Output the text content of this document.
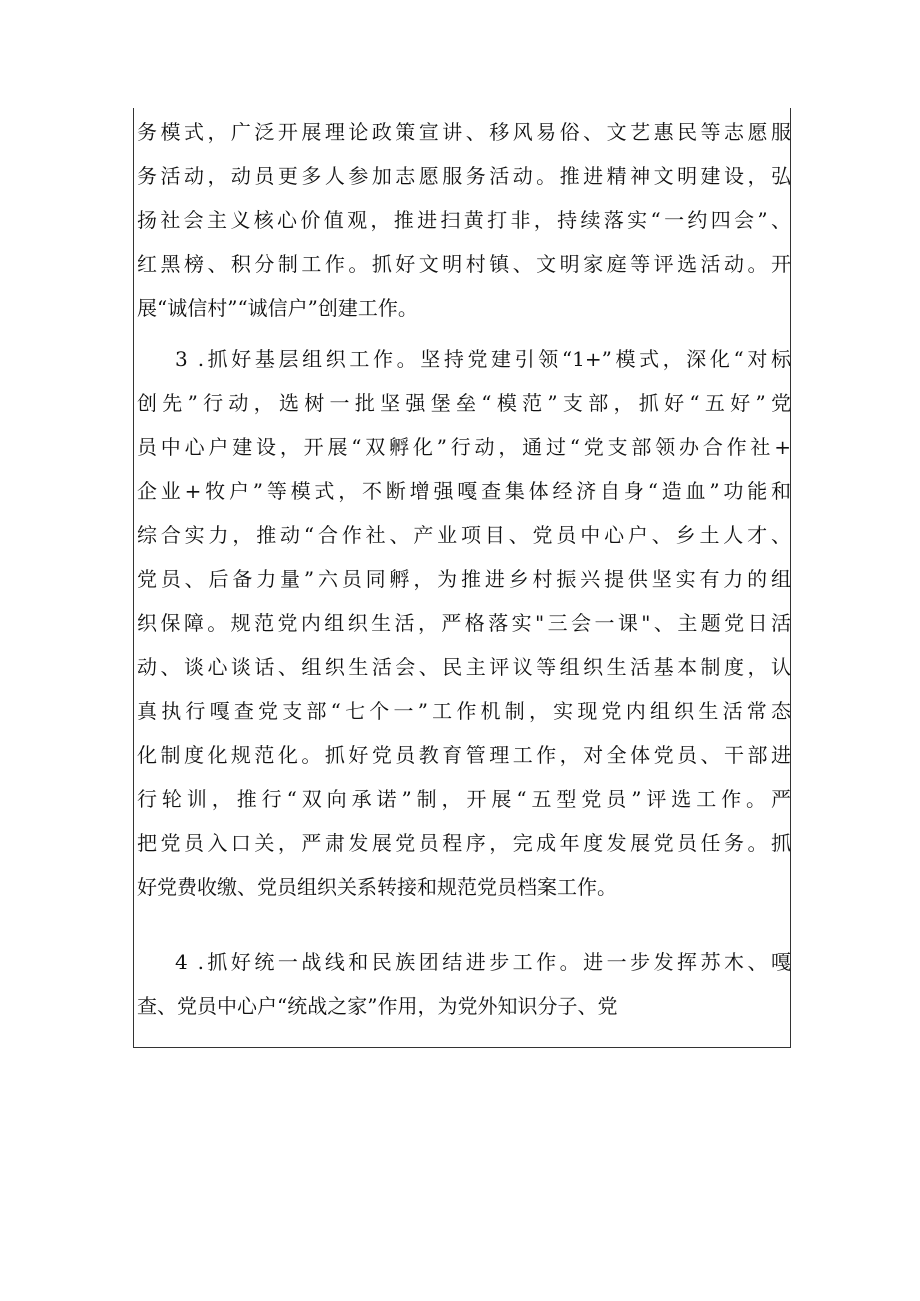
务模式，广泛开展理论政策宣讲、移风易俗、文艺惠民等志愿服
务活动，动员更多人参加志愿服务活动。推进精神文明建设，弘
扬社会主义核心价值观，推进扫黄打非，持续落实“一约四会”、
红黑榜、积分制工作。抓好文明村镇、文明家庭等评选活动。开
展“诚信村”“诚信户”创建工作。
3 .抓好基层组织工作。坚持党建引领“1+”模式，深化“对标
创先”行动，选树一批坚强堡垒“模范”支部，抓好“五好”党
员中心户建设，开展“双孵化”行动，通过“党支部领办合作社+
企业+牧户”等模式，不断增强嘎查集体经济自身“造血”功能和
综合实力，推动“合作社、产业项目、党员中心户、乡土人才、
党员、后备力量”六员同孵，为推进乡村振兴提供坚实有力的组
织保障。规范党内组织生活，严格落实"三会一课"、主题党日活
动、谈心谈话、组织生活会、民主评议等组织生活基本制度，认
真执行嘎查党支部“七个一”工作机制，实现党内组织生活常态
化制度化规范化。抓好党员教育管理工作，对全体党员、干部进
行轮训，推行“双向承诺”制，开展“五型党员”评选工作。严
把党员入口关，严肃发展党员程序，完成年度发展党员任务。抓
好党费收缴、党员组织关系转接和规范党员档案工作。
4 .抓好统一战线和民族团结进步工作。进一步发挥苏木、嘎
查、党员中心户“统战之家”作用，为党外知识分子、党
